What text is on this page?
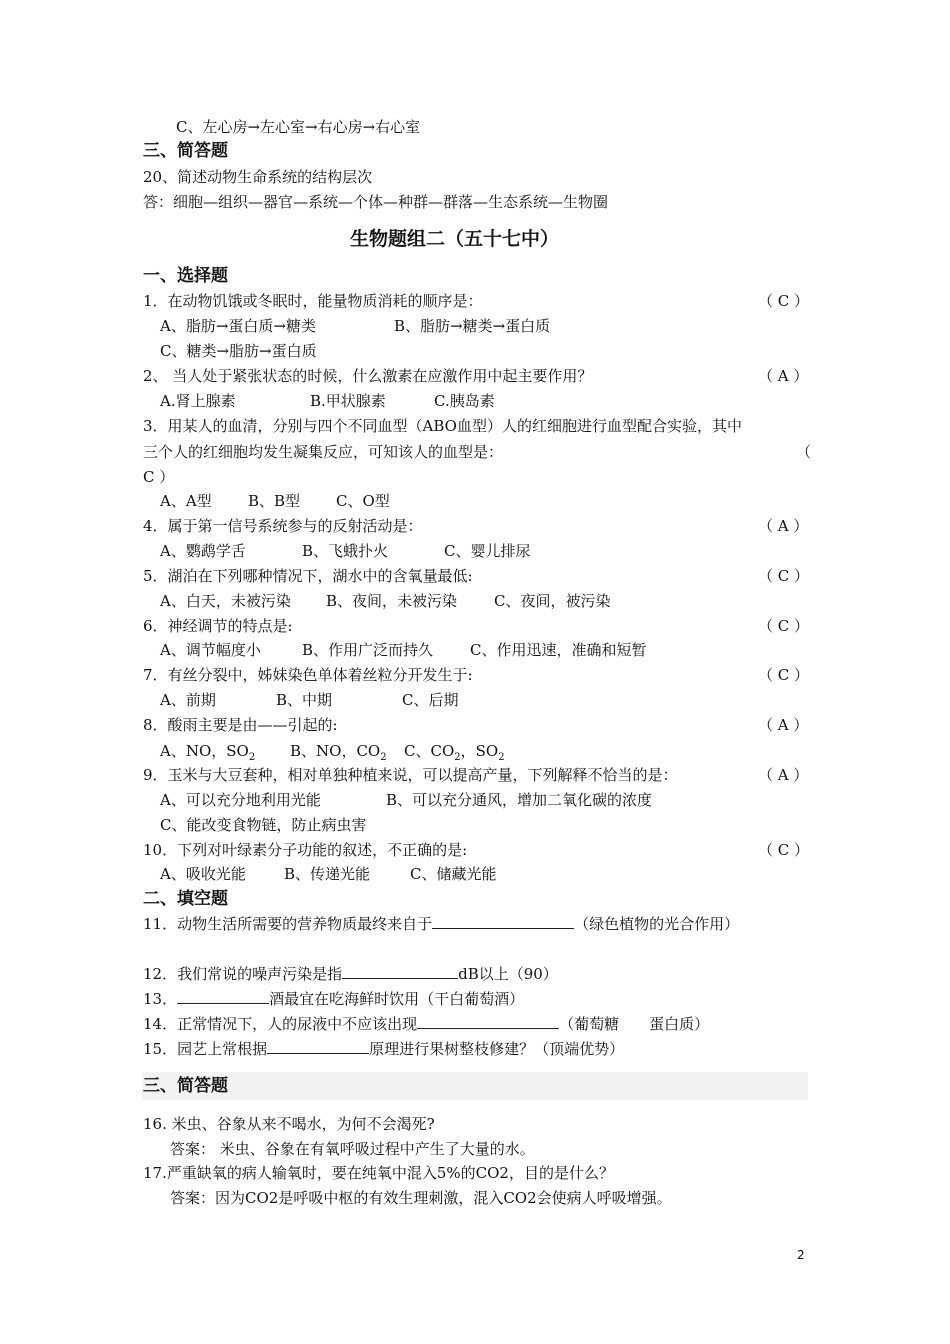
C、左心房→左心室→右心房→右心室
三、简答题
20、简述动物生命系统的结构层次
答：细胞—组织—器官—系统—个体—种群—群落—生态系统—生物圈
生物题组二（五十七中）
一、选择题
1．在动物饥饿或冬眠时，能量物质消耗的顺序是：	（ C ）
A、脂肪→蛋白质→糖类	B、脂肪→糖类→蛋白质
C、糖类→脂肪→蛋白质
2、 当人处于紧张状态的时候，什么激素在应激作用中起主要作用？	（ A ）
A.肾上腺素	B.甲状腺素	C.胰岛素
3．用某人的血清，分别与四个不同血型（ABO血型）人的红细胞进行血型配合实验，其中
三个人的红细胞均发生凝集反应，可知该人的血型是：	（
C ）
A、A型 B、B型 C、O型
4．属于第一信号系统参与的反射活动是：	（ A ）
A、鹦鹉学舌	B、飞蛾扑火	C、婴儿排尿
5．湖泊在下列哪种情况下，湖水中的含氧量最低:	（ C ）
A、白天，未被污染 B、夜间，未被污染 C、夜间，被污染
6．神经调节的特点是:	（ C ）
A、调节幅度小	B、作用广泛而持久 C、作用迅速，准确和短暂
7．有丝分裂中，姊妹染色单体着丝粒分开发生于:	（ C ）
A、前期	B、中期	C、后期
8．酸雨主要是由——引起的:	（ A ）
A、NO，$SO_2$ B、NO，$CO_2$ C、$CO_2$，$SO_2$
9．玉米与大豆套种，相对单独种植来说，可以提高产量，下列解释不恰当的是：	（ A ）
A、可以充分地利用光能	B、可以充分通风，增加二氧化碳的浓度
C、能改变食物链，防止病虫害
10．下列对叶绿素分子功能的叙述，不正确的是:	（ C ）
A、吸收光能	B、传递光能	C、储藏光能
二、填空题
11．动物生活所需要的营养物质最终来自于	（绿色植物的光合作用）
12．我们常说的噪声污染是指	dB以上（90）
13．	酒最宜在吃海鲜时饮用（干白葡萄酒）
14．正常情况下，人的尿液中不应该出现	（葡萄糖　　蛋白质）
15．园艺上常根据	原理进行果树整枝修建？（顶端优势）
三、简答题
16. 米虫、谷象从来不喝水，为何不会渴死?
答案： 米虫、谷象在有氧呼吸过程中产生了大量的水。
17.严重缺氧的病人输氧时，要在纯氧中混入5%的CO2，目的是什么？
答案：因为CO2是呼吸中枢的有效生理刺激，混入CO2会使病人呼吸增强。
2
